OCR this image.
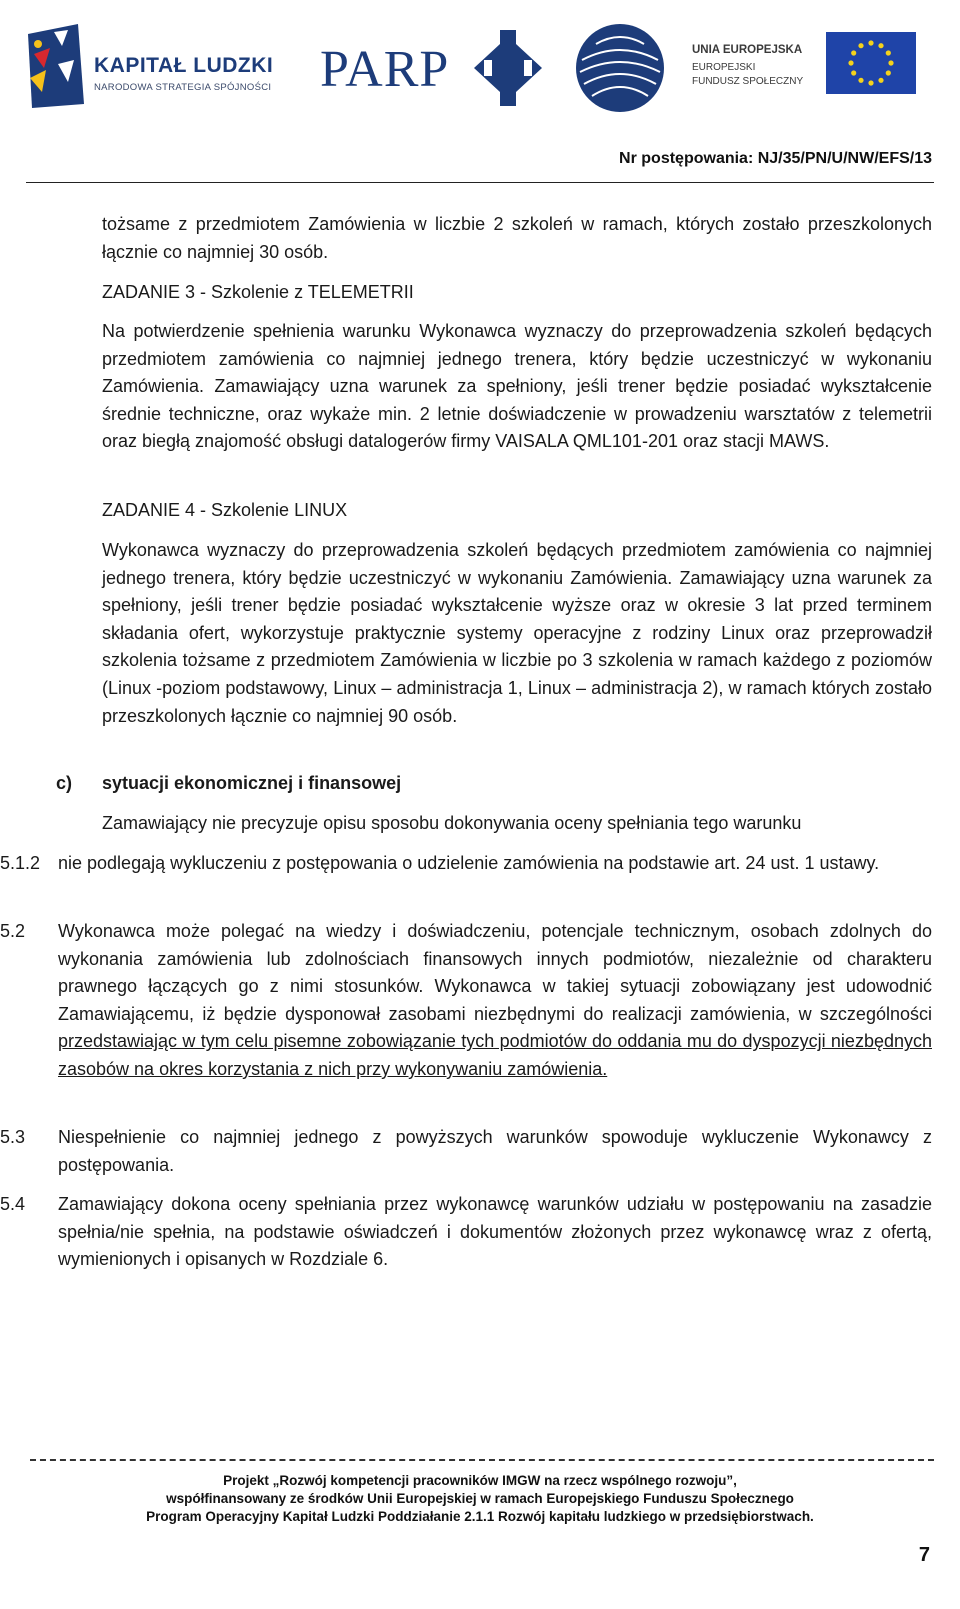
KAPITAŁ LUDZKI
NARODOWA STRATEGIA SPÓJNOŚCI PARP	UNIA EUROPEJSKA
EUROPEJSKI
FUNDUSZ SPOŁECZNY
Nr postępowania: NJ/35/PN/U/NW/EFS/13

tożsame z przedmiotem Zamówienia w liczbie 2 szkoleń w ramach, których zostało przeszkolonych łącznie co najmniej 30 osób.

ZADANIE 3 - Szkolenie z TELEMETRII

Na potwierdzenie spełnienia warunku Wykonawca wyznaczy do przeprowadzenia szkoleń będących przedmiotem zamówienia co najmniej jednego trenera, który będzie uczestniczyć w wykonaniu Zamówienia. Zamawiający uzna warunek za spełniony, jeśli trener będzie posiadać wykształcenie średnie techniczne, oraz wykaże min. 2 letnie doświadczenie w prowadzeniu warsztatów z telemetrii oraz biegłą znajomość obsługi datalogerów firmy VAISALA QML101-201 oraz stacji MAWS.

ZADANIE 4 - Szkolenie LINUX

Wykonawca wyznaczy do przeprowadzenia szkoleń będących przedmiotem zamówienia co najmniej jednego trenera, który będzie uczestniczyć w wykonaniu Zamówienia. Zamawiający uzna warunek za spełniony, jeśli trener będzie posiadać wykształcenie wyższe oraz w okresie 3 lat przed terminem składania ofert, wykorzystuje praktycznie systemy operacyjne z rodziny Linux oraz przeprowadził szkolenia tożsame z przedmiotem Zamówienia w liczbie po 3 szkolenia w ramach każdego z poziomów (Linux -poziom podstawowy, Linux – administracja 1, Linux – administracja 2), w ramach których zostało przeszkolonych łącznie co najmniej 90 osób.

c) sytuacji ekonomicznej i finansowej

Zamawiający nie precyzuje opisu sposobu dokonywania oceny spełniania tego warunku

5.1.2 nie podlegają wykluczeniu z postępowania o udzielenie zamówienia na podstawie art. 24 ust. 1 ustawy.

5.2	Wykonawca może polegać na wiedzy i doświadczeniu, potencjale technicznym, osobach zdolnych do wykonania zamówienia lub zdolnościach finansowych innych podmiotów, niezależnie od charakteru prawnego łączących go z nimi stosunków. Wykonawca w takiej sytuacji zobowiązany jest udowodnić Zamawiającemu, iż będzie dysponował zasobami niezbędnymi do realizacji zamówienia, w szczególności przedstawiając w tym celu pisemne zobowiązanie tych podmiotów do oddania mu do dyspozycji niezbędnych zasobów na okres korzystania z nich przy wykonywaniu zamówienia.

5.3	Niespełnienie co najmniej jednego z powyższych warunków spowoduje wykluczenie Wykonawcy z postępowania.

5.4	Zamawiający dokona oceny spełniania przez wykonawcę warunków udziału w postępowaniu na zasadzie spełnia/nie spełnia, na podstawie oświadczeń i dokumentów złożonych przez wykonawcę wraz z ofertą, wymienionych i opisanych w Rozdziale 6.

Projekt „Rozwój kompetencji pracowników IMGW na rzecz wspólnego rozwoju”,
współfinansowany ze środków Unii Europejskiej w ramach Europejskiego Funduszu Społecznego
Program Operacyjny Kapitał Ludzki Poddziałanie 2.1.1 Rozwój kapitału ludzkiego w przedsiębiorstwach.
7
